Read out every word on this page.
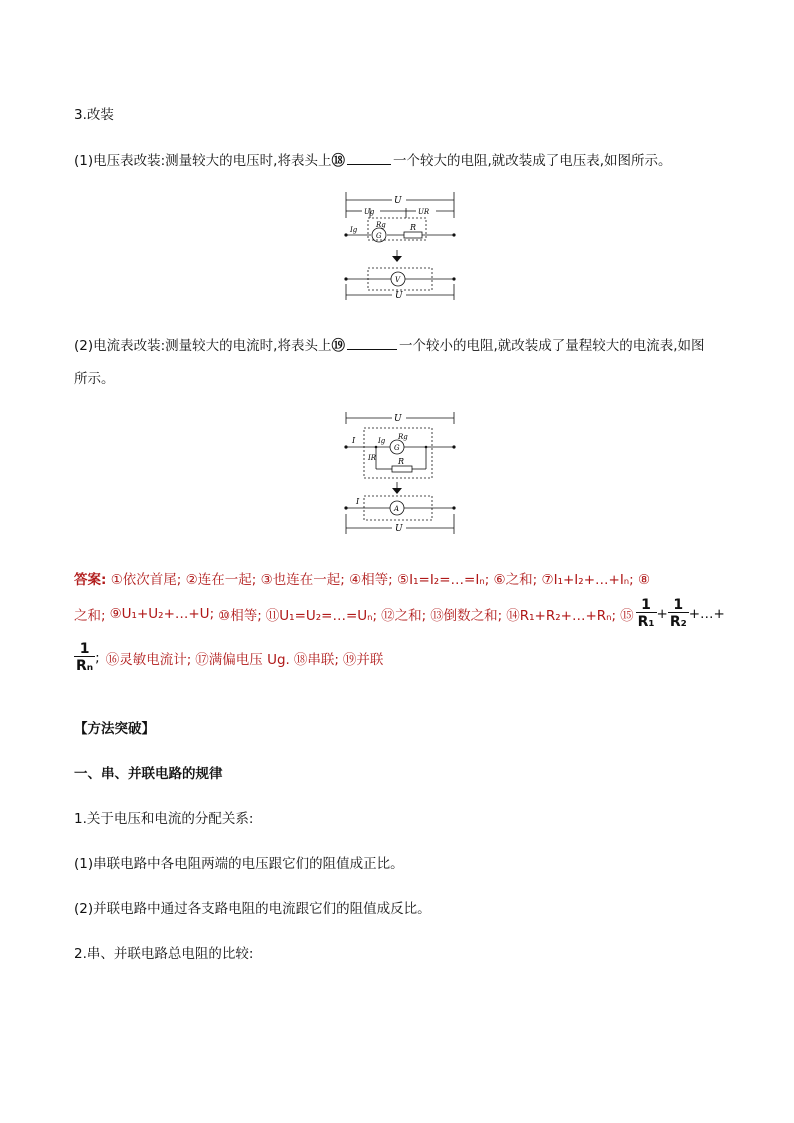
3.改装
(1)电压表改装:测量较大的电压时,将表头上⑱	一个较大的电阻,就改装成了电压表,如图所示。
U
Ug	UR
Ig
Rg
G
R
V
U
(2)电流表改装:测量较大的电流时,将表头上⑲	一个较小的电阻,就改装成了量程较大的电流表,如图
所示。
U
I	Ig Rg
G
IR	R
I
A
U
答案: ①依次首尾; ②连在一起; ③也连在一起; ④相等; ⑤I₁=I₂=…=Iₙ; ⑥之和; ⑦I₁+I₂+…+Iₙ; ⑧
之和; ⑨U₁+U₂+…+U; ⑩相等; ⑪U₁=U₂=…=Uₙ; ⑫之和; ⑬倒数之和; ⑭R₁+R₂+…+Rₙ; ⑮ $\frac{1}{\text{R₁}} + \frac{1}{\text{R₂}}$ +…+
$\frac{1}{\text{Rₙ}}$ ; ⑯灵敏电流计; ⑰满偏电压 Ug. ⑱串联; ⑲并联
【方法突破】
一、串、并联电路的规律
1.关于电压和电流的分配关系:
(1)串联电路中各电阻两端的电压跟它们的阻值成正比。
(2)并联电路中通过各支路电阻的电流跟它们的阻值成反比。
2.串、并联电路总电阻的比较:
